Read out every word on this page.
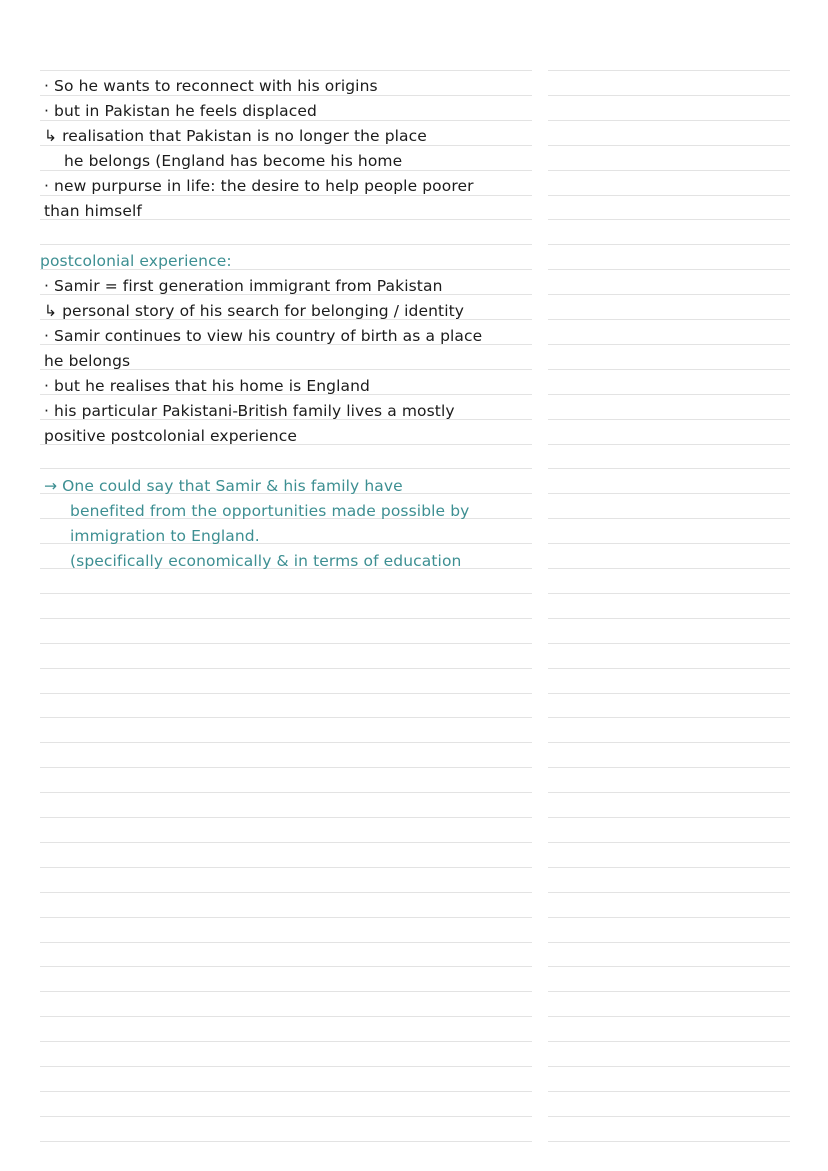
· So he wants to reconnect with his origins
· but in Pakistan he feels displaced
↳ realisation that Pakistan is no longer the place
he belongs (England has become his home
· new purpurse in life: the desire to help people poorer
than himself
postcolonial experience:
· Samir = first generation immigrant from Pakistan
↳ personal story of his search for belonging / identity
· Samir continues to view his country of birth as a place
he belongs
· but he realises that his home is England
· his particular Pakistani-British family lives a mostly
positive postcolonial experience
→ One could say that Samir & his family have
benefited from the opportunities made possible by
immigration to England.
(specifically economically & in terms of education
